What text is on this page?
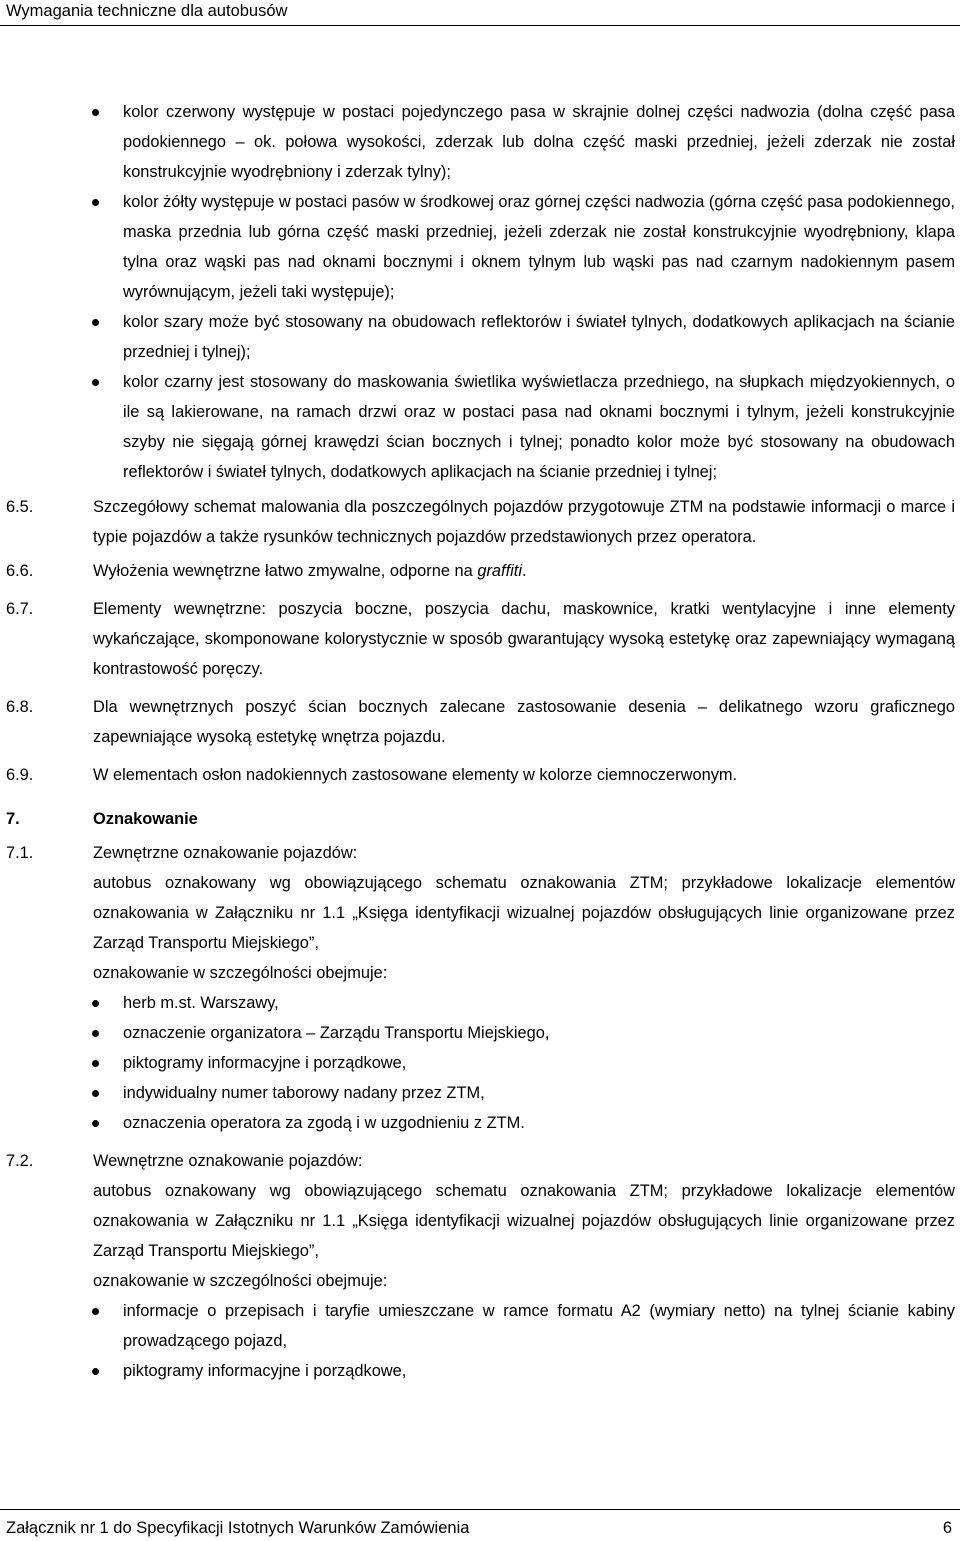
Wymagania techniczne dla autobusów
kolor czerwony występuje w postaci pojedynczego pasa w skrajnie dolnej części nadwozia (dolna część pasa podokiennego – ok. połowa wysokości, zderzak lub dolna część maski przedniej, jeżeli zderzak nie został konstrukcyjnie wyodrębniony i zderzak tylny);
kolor żółty występuje w postaci pasów w środkowej oraz górnej części nadwozia (górna część pasa podokiennego, maska przednia lub górna część maski przedniej, jeżeli zderzak nie został konstrukcyjnie wyodrębniony, klapa tylna oraz wąski pas nad oknami bocznymi i oknem tylnym lub wąski pas nad czarnym nadokiennym pasem wyrównującym, jeżeli taki występuje);
kolor szary może być stosowany na obudowach reflektorów i świateł tylnych, dodatkowych aplikacjach na ścianie przedniej i tylnej);
kolor czarny jest stosowany do maskowania świetlika wyświetlacza przedniego, na słupkach międzyokiennych, o ile są lakierowane, na ramach drzwi oraz w postaci pasa nad oknami bocznymi i tylnym, jeżeli konstrukcyjnie szyby nie sięgają górnej krawędzi ścian bocznych i tylnej; ponadto kolor może być stosowany na obudowach reflektorów i świateł tylnych, dodatkowych aplikacjach na ścianie przedniej i tylnej;
6.5.	Szczegółowy schemat malowania dla poszczególnych pojazdów przygotowuje ZTM na podstawie informacji o marce i typie pojazdów a także rysunków technicznych pojazdów przedstawionych przez operatora.
6.6.	Wyłożenia wewnętrzne łatwo zmywalne, odporne na graffiti.
6.7.	Elementy wewnętrzne: poszycia boczne, poszycia dachu, maskownice, kratki wentylacyjne i inne elementy wykańczające, skomponowane kolorystycznie w sposób gwarantujący wysoką estetykę oraz zapewniający wymaganą kontrastowość poręczy.
6.8.	Dla wewnętrznych poszyć ścian bocznych zalecane zastosowanie desenia – delikatnego wzoru graficznego zapewniające wysoką estetykę wnętrza pojazdu.
6.9.	W elementach osłon nadokiennych zastosowane elementy w kolorze ciemnoczerwonym.
7.	Oznakowanie
7.1.	Zewnętrzne oznakowanie pojazdów:
autobus oznakowany wg obowiązującego schematu oznakowania ZTM; przykładowe lokalizacje elementów oznakowania w Załączniku nr 1.1 „Księga identyfikacji wizualnej pojazdów obsługujących linie organizowane przez Zarząd Transportu Miejskiego”,
oznakowanie w szczególności obejmuje:
herb m.st. Warszawy,
oznaczenie organizatora – Zarządu Transportu Miejskiego,
piktogramy informacyjne i porządkowe,
indywidualny numer taborowy nadany przez ZTM,
oznaczenia operatora za zgodą i w uzgodnieniu z ZTM.
7.2.	Wewnętrzne oznakowanie pojazdów:
autobus oznakowany wg obowiązującego schematu oznakowania ZTM; przykładowe lokalizacje elementów oznakowania w Załączniku nr 1.1 „Księga identyfikacji wizualnej pojazdów obsługujących linie organizowane przez Zarząd Transportu Miejskiego”,
oznakowanie w szczególności obejmuje:
informacje o przepisach i taryfie umieszczane w ramce formatu A2 (wymiary netto) na tylnej ścianie kabiny prowadzącego pojazd,
piktogramy informacyjne i porządkowe,
Załącznik nr 1 do Specyfikacji Istotnych Warunków Zamówienia	6
